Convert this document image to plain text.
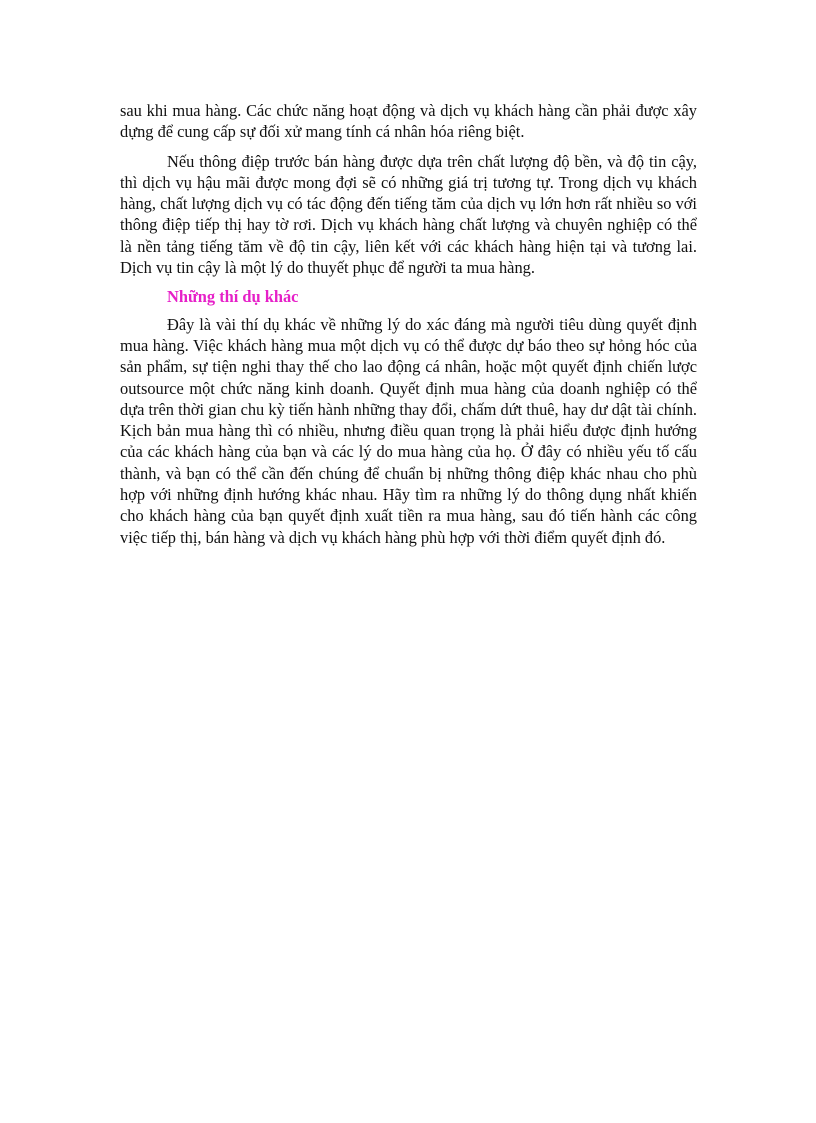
sau khi mua hàng. Các chức năng hoạt động và dịch vụ khách hàng cần phải được xây dựng để cung cấp sự đối xử mang tính cá nhân hóa riêng biệt.

Nếu thông điệp trước bán hàng được dựa trên chất lượng độ bền, và độ tin cậy, thì dịch vụ hậu mãi được mong đợi sẽ có những giá trị tương tự. Trong dịch vụ khách hàng, chất lượng dịch vụ có tác động đến tiếng tăm của dịch vụ lớn hơn rất nhiều so với thông điệp tiếp thị hay tờ rơi. Dịch vụ khách hàng chất lượng và chuyên nghiệp có thể là nền tảng tiếng tăm về độ tin cậy, liên kết với các khách hàng hiện tại và tương lai. Dịch vụ tin cậy là một lý do thuyết phục để người ta mua hàng.

Những thí dụ khác

Đây là vài thí dụ khác về những lý do xác đáng mà người tiêu dùng quyết định mua hàng. Việc khách hàng mua một dịch vụ có thể được dự báo theo sự hỏng hóc của sản phẩm, sự tiện nghi thay thế cho lao động cá nhân, hoặc một quyết định chiến lược outsource một chức năng kinh doanh. Quyết định mua hàng của doanh nghiệp có thể dựa trên thời gian chu kỳ tiến hành những thay đổi, chấm dứt thuê, hay dư dật tài chính. Kịch bản mua hàng thì có nhiều, nhưng điều quan trọng là phải hiểu được định hướng của các khách hàng của bạn và các lý do mua hàng của họ. Ở đây có nhiều yếu tố cấu thành, và bạn có thể cần đến chúng để chuẩn bị những thông điệp khác nhau cho phù hợp với những định hướng khác nhau. Hãy tìm ra những lý do thông dụng nhất khiến cho khách hàng của bạn quyết định xuất tiền ra mua hàng, sau đó tiến hành các công việc tiếp thị, bán hàng và dịch vụ khách hàng phù hợp với thời điểm quyết định đó.
